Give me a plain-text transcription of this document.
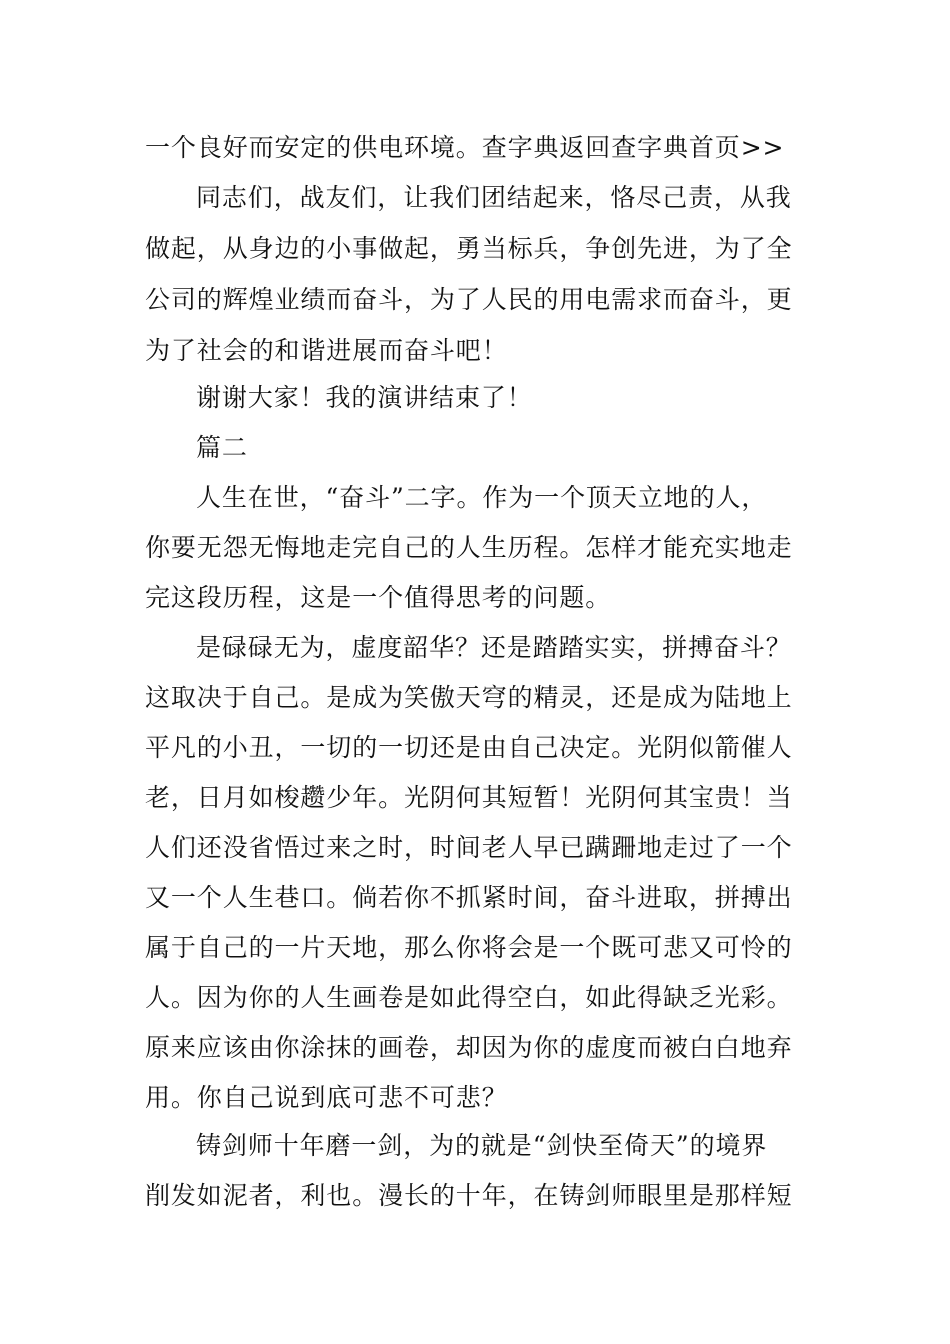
一个良好而安定的供电环境。查字典返回查字典首页>>
同志们，战友们，让我们团结起来，恪尽己责，从我
做起，从身边的小事做起，勇当标兵，争创先进，为了全
公司的辉煌业绩而奋斗，为了人民的用电需求而奋斗，更
为了社会的和谐进展而奋斗吧！
谢谢大家！我的演讲结束了！
篇二
人生在世，“奋斗”二字。作为一个顶天立地的人，
你要无怨无悔地走完自己的人生历程。怎样才能充实地走
完这段历程，这是一个值得思考的问题。
是碌碌无为，虚度韶华？还是踏踏实实，拼搏奋斗？
这取决于自己。是成为笑傲天穹的精灵，还是成为陆地上
平凡的小丑，一切的一切还是由自己决定。光阴似箭催人
老，日月如梭趱少年。光阴何其短暂！光阴何其宝贵！当
人们还没省悟过来之时，时间老人早已蹒跚地走过了一个
又一个人生巷口。倘若你不抓紧时间，奋斗进取，拼搏出
属于自己的一片天地，那么你将会是一个既可悲又可怜的
人。因为你的人生画卷是如此得空白，如此得缺乏光彩。
原来应该由你涂抹的画卷，却因为你的虚度而被白白地弃
用。你自己说到底可悲不可悲？
铸剑师十年磨一剑，为的就是“剑快至倚天”的境界
削发如泥者，利也。漫长的十年，在铸剑师眼里是那样短
